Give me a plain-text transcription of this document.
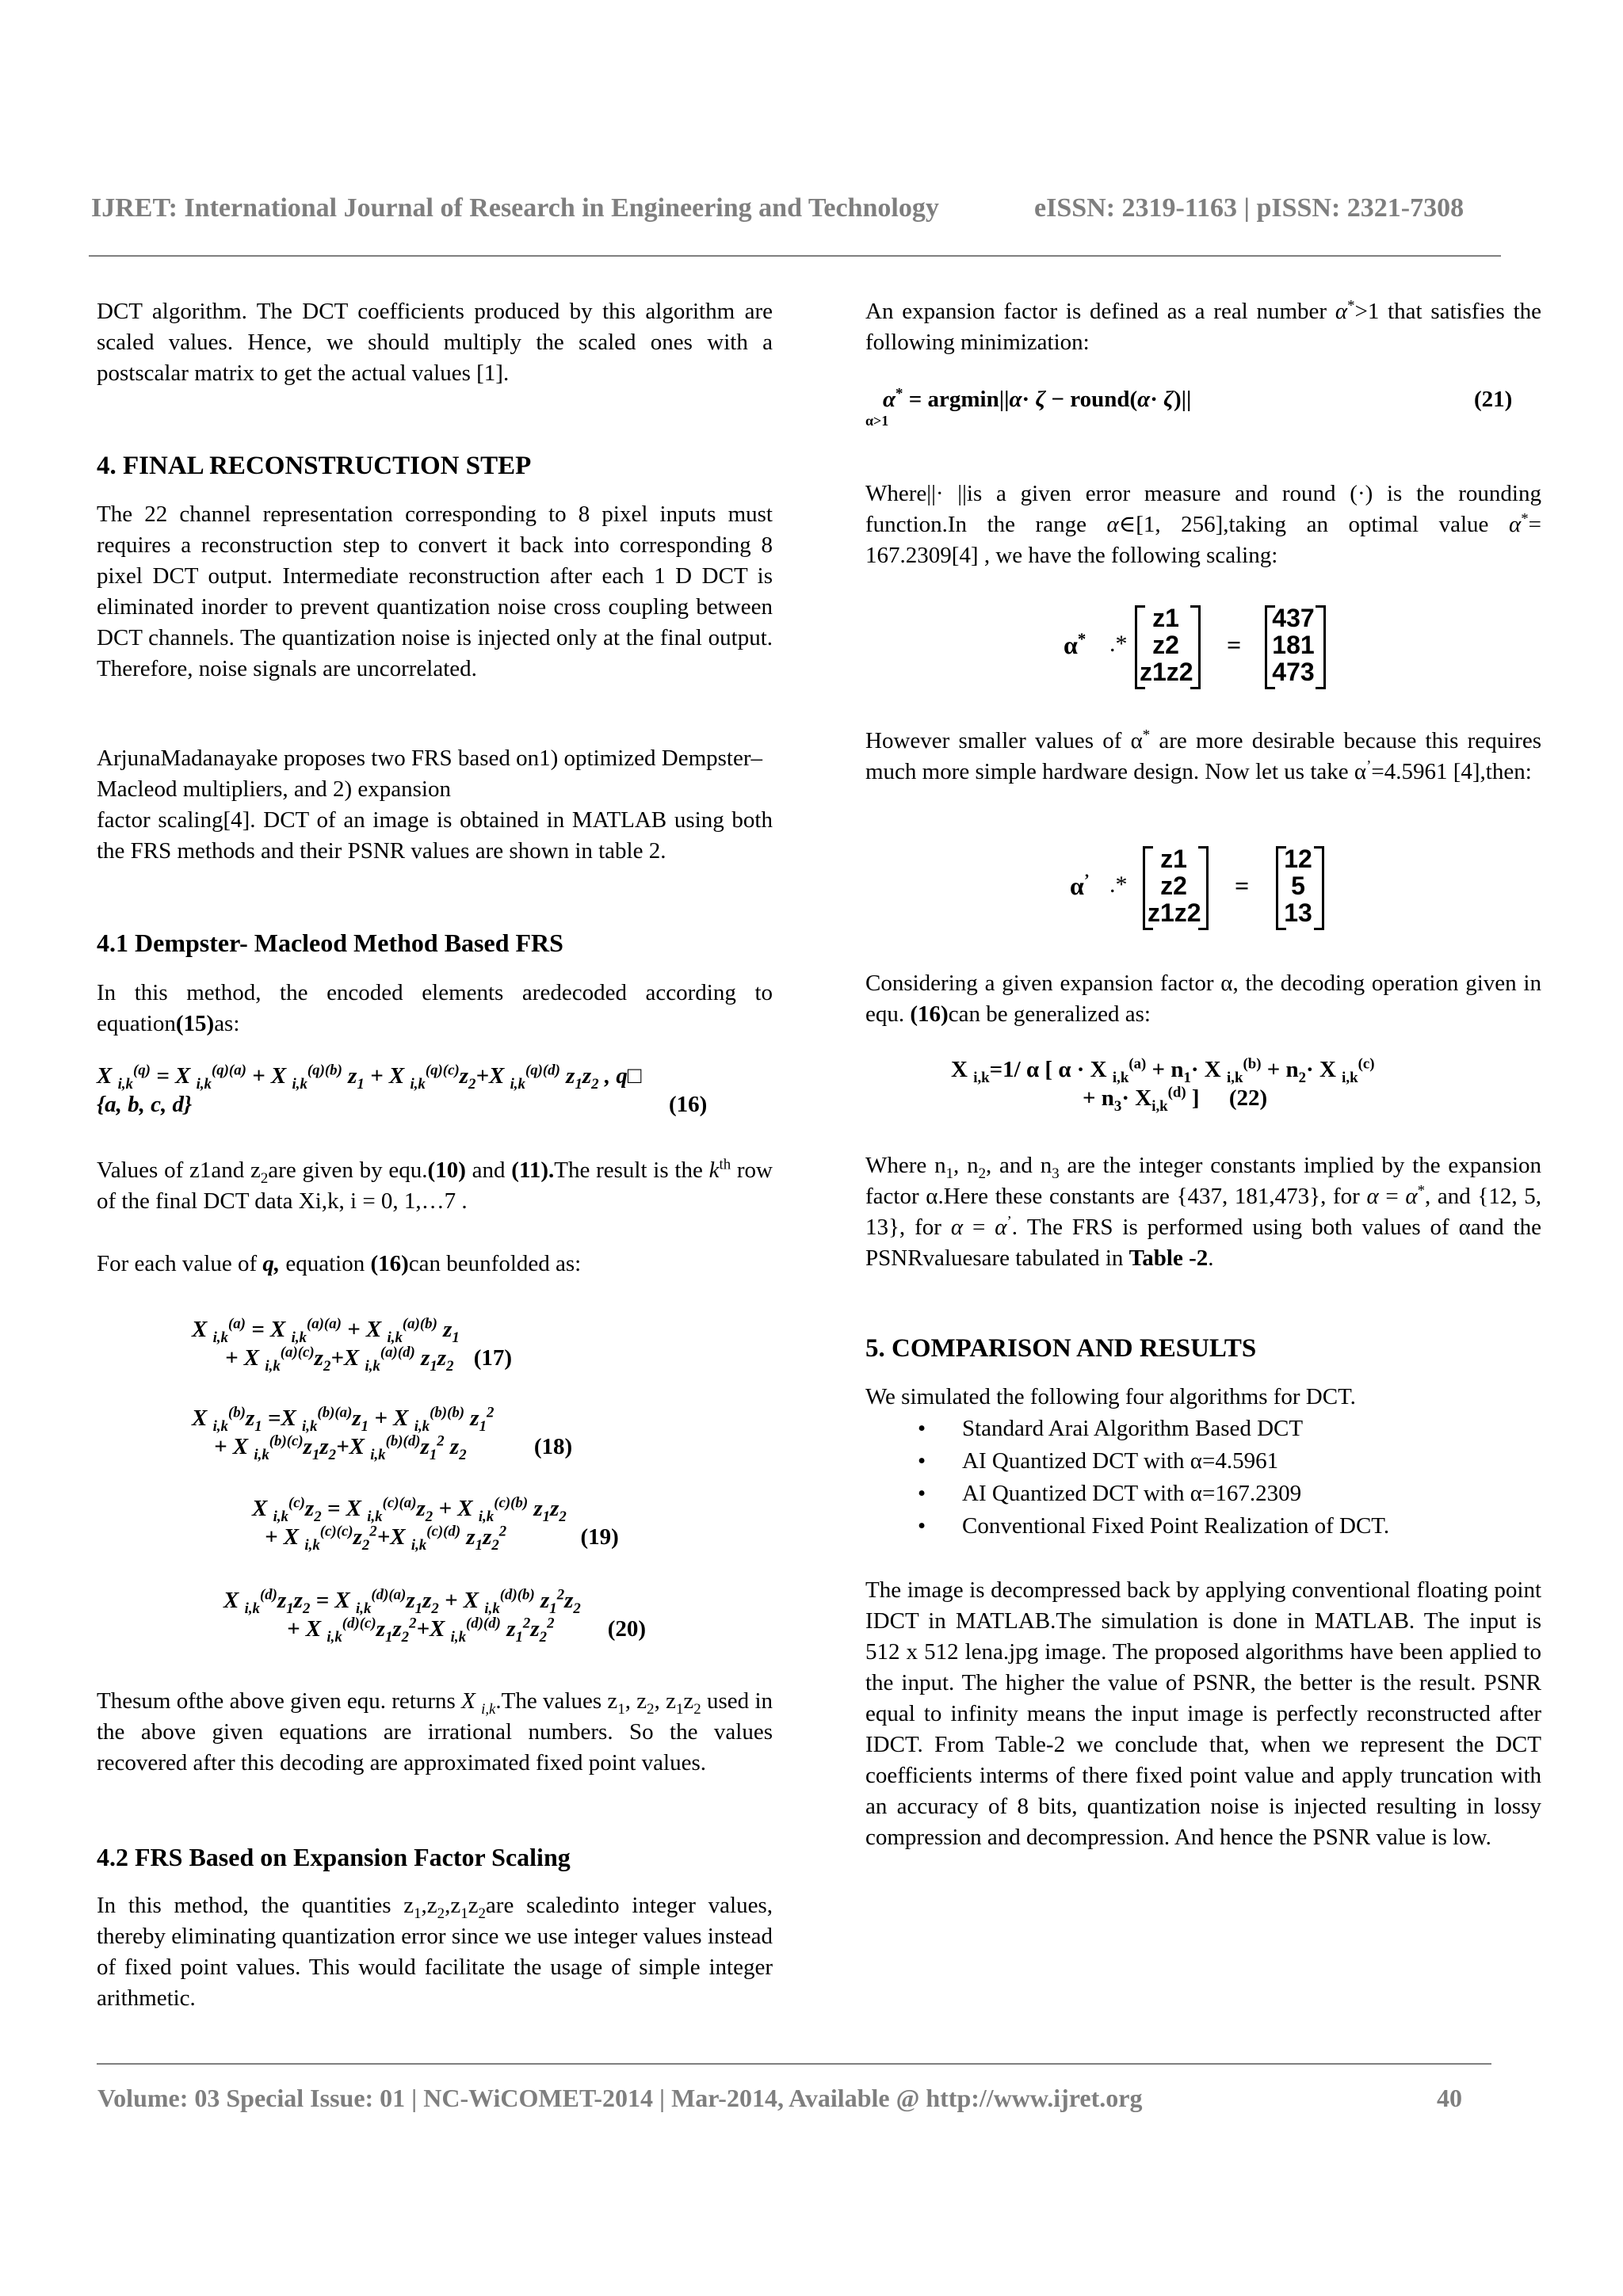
IJRET: International Journal of Research in Engineering and Technology	eISSN: 2319-1163 | pISSN: 2321-7308

DCT algorithm. The DCT coefficients produced by this algorithm are scaled values. Hence, we should multiply the scaled ones with a postscalar matrix to get the actual values [1].

4. FINAL RECONSTRUCTION STEP

The 22 channel representation corresponding to 8 pixel inputs must requires a reconstruction step to convert it back into corresponding 8 pixel DCT output. Intermediate reconstruction after each 1 D DCT is eliminated inorder to prevent quantization noise cross coupling between DCT channels. The quantization noise is injected only at the final output. Therefore, noise signals are uncorrelated.

ArjunaMadanayake proposes two FRS based on1) optimized Dempster–Macleod multipliers, and 2) expansion

factor scaling[4]. DCT of an image is obtained in MATLAB using both the FRS methods and their PSNR values are shown in table 2.

4.1 Dempster- Macleod Method Based FRS

In this method, the encoded elements aredecoded according to equation(15)as:

X $_{i,k}^{(q)}$ = X $_{i,k}^{(q)(a)}$ + X $_{i,k}^{(q)(b)}$ $z_1 + X$ $_{i,k}^{(q)(c)}z_2+X$ $_{i,k}^{(q)(d)}$ $z_1z_2$ , q□
{a, b, c, d}	(16)

Values of z1and $z_2are$ given by equ.(10) and (11).The result is the $k^{th}$ row of the final DCT data Xi,k, i = 0, 1,…7 .

For each value of q, equation (16)can beunfolded as:

X $_{i,k}^{(a)}$ = X $_{i,k}^{(a)(a)}$ + X $_{i,k}^{(a)(b)}$ $z_1$
+ X $_{i,k}^{(a)(c)}z_2+X$ $_{i,k}^{(a)(d)}$ $z_1z_2$ (17)
X $_{i,k}^{(b)}z_1 =X$ $_{i,k}^{(b)(a)}z_1 + X$ $_{i,k}^{(b)(b)}$ $z_1^2$
+ X $_{i,k}^{(b)(c)}z_1z_2+X$ $_{i,k}^{(b)(d)}z_1^2$ $z_2$	(18)
X $_{i,k}^{(c)}z_2 = X$ $_{i,k}^{(c)(a)}z_2 + X$ $_{i,k}^{(c)(b)}$ $z_1z_2$
+ X $_{i,k}^{(c)(c)}z_2^2+X$ $_{i,k}^{(c)(d)}$ $z_1z_2^2$	(19)
X $_{i,k}^{(d)}z_1z_2 = X$ $_{i,k}^{(d)(a)}z_1z_2 + X$ $_{i,k}^{(d)(b)}$ $z_1^2z_2$
+ X $_{i,k}^{(d)(c)}z_1z_2^2+X$ $_{i,k}^{(d)(d)}$ $z_1^2z_2^2$ (20)

Thesum ofthe above given equ. returns X $_{i,k}$.The values $z_1$, $z_2$, $z_1z_2$ used in the above given equations are irrational numbers. So the values recovered after this decoding are approximated fixed point values.

4.2 FRS Based on Expansion Factor Scaling

In this method, the quantities $z_1,z_2,z_1z_2are$ scaledinto integer values, thereby eliminating quantization error since we use integer values instead of fixed point values. This would facilitate the usage of simple integer arithmetic.

An expansion factor is defined as a real number α*>1 that satisfies the following minimization:

α* = argmin||α· ζ − round(α· ζ)||
α>1
(21)

Where||· ||is a given error measure and round (·) is the rounding function.In the range α∈[1, 256],taking an optimal value α*= 167.2309[4] , we have the following scaling:

α* .*
z1
z2
z1z2
=
437
181
473

However smaller values of α* are more desirable because this requires much more simple hardware design. Now let us take α’=4.5961 [4],then:

α’ .*
z1
z2
z1z2
=
12
5
13

Considering a given expansion factor α, the decoding operation given in equ. (16)can be generalized as:

X $_{i,k}$=1/ α [ α · X $_{i,k}^{(a)} + n_1\cdot X$ $_{i,k}^{(b)} + n_2\cdot X$ $_{i,k}^{(c)}$
+ $n_3\cdot X_{i,k}^{(d)}$ ] (22)

Where $n_1$, $n_2$, and $n_3$ are the integer constants implied by the expansion factor α.Here these constants are {437, 181,473}, for α = α*, and {12, 5, 13}, for α = α’. The FRS is performed using both values of αand the PSNRvaluesare tabulated in Table -2.

5. COMPARISON AND RESULTS

We simulated the following four algorithms for DCT.

• Standard Arai Algorithm Based DCT
• AI Quantized DCT with α=4.5961
• AI Quantized DCT with α=167.2309
• Conventional Fixed Point Realization of DCT.

The image is decompressed back by applying conventional floating point IDCT in MATLAB.The simulation is done in MATLAB. The input is 512 x 512 lena.jpg image. The proposed algorithms have been applied to the input. The higher the value of PSNR, the better is the result. PSNR equal to infinity means the input image is perfectly reconstructed after IDCT. From Table-2 we conclude that, when we represent the DCT coefficients interms of there fixed point value and apply truncation with an accuracy of 8 bits, quantization noise is injected resulting in lossy compression and decompression. And hence the PSNR value is low.

Volume: 03 Special Issue: 01 | NC-WiCOMET-2014 | Mar-2014, Available @ http://www.ijret.org	40
